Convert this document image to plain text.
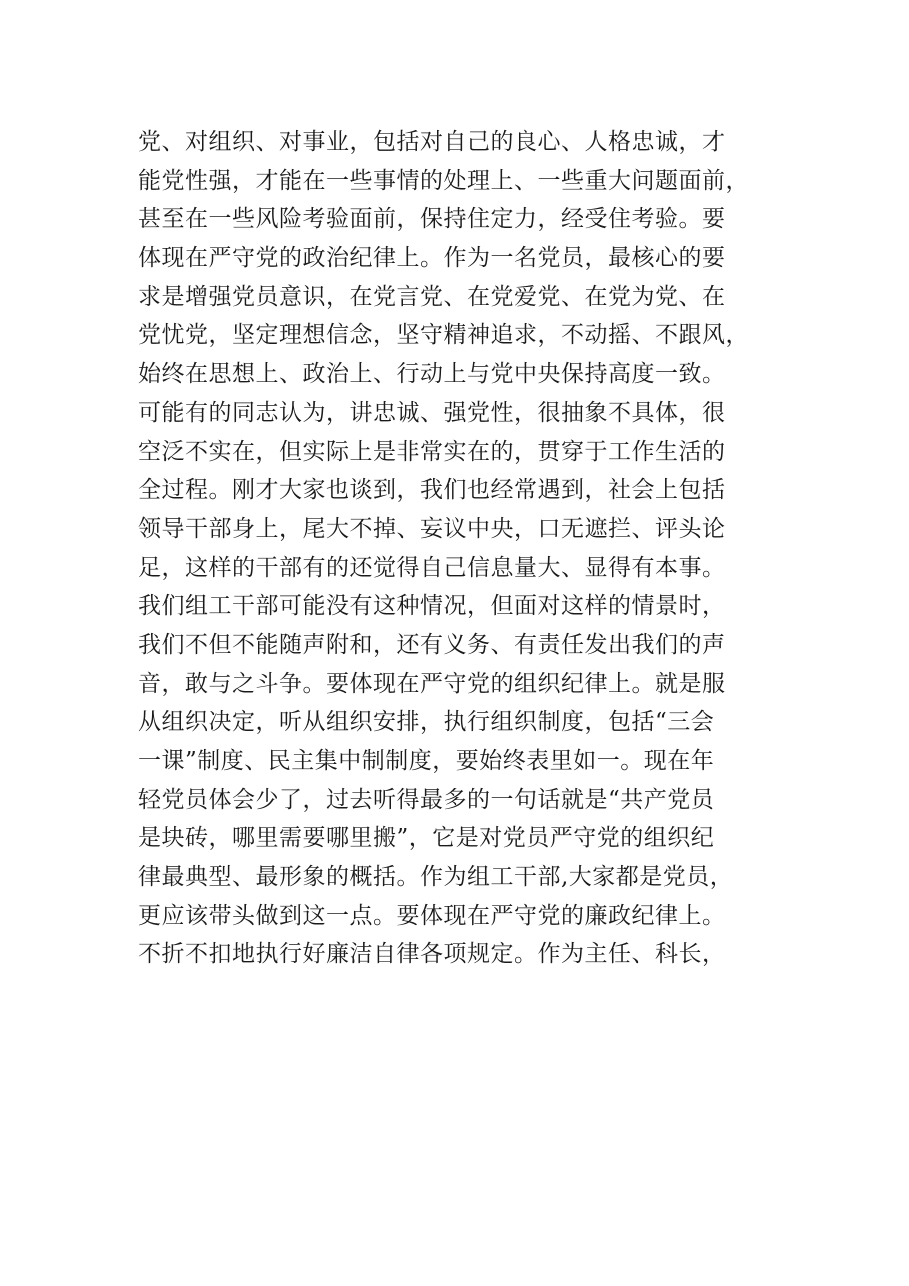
党、对组织、对事业，包括对自己的良心、人格忠诚，才
能党性强，才能在一些事情的处理上、一些重大问题面前，
甚至在一些风险考验面前，保持住定力，经受住考验。要
体现在严守党的政治纪律上。作为一名党员，最核心的要
求是增强党员意识，在党言党、在党爱党、在党为党、在
党忧党，坚定理想信念，坚守精神追求，不动摇、不跟风，
始终在思想上、政治上、行动上与党中央保持高度一致。
可能有的同志认为，讲忠诚、强党性，很抽象不具体，很
空泛不实在，但实际上是非常实在的，贯穿于工作生活的
全过程。刚才大家也谈到，我们也经常遇到，社会上包括
领导干部身上，尾大不掉、妄议中央，口无遮拦、评头论
足，这样的干部有的还觉得自己信息量大、显得有本事。
我们组工干部可能没有这种情况，但面对这样的情景时，
我们不但不能随声附和，还有义务、有责任发出我们的声
音，敢与之斗争。要体现在严守党的组织纪律上。就是服
从组织决定，听从组织安排，执行组织制度，包括“三会
一课”制度、民主集中制制度，要始终表里如一。现在年
轻党员体会少了，过去听得最多的一句话就是“共产党员
是块砖，哪里需要哪里搬”，它是对党员严守党的组织纪
律最典型、最形象的概括。作为组工干部,大家都是党员，
更应该带头做到这一点。要体现在严守党的廉政纪律上。
不折不扣地执行好廉洁自律各项规定。作为主任、科长，
